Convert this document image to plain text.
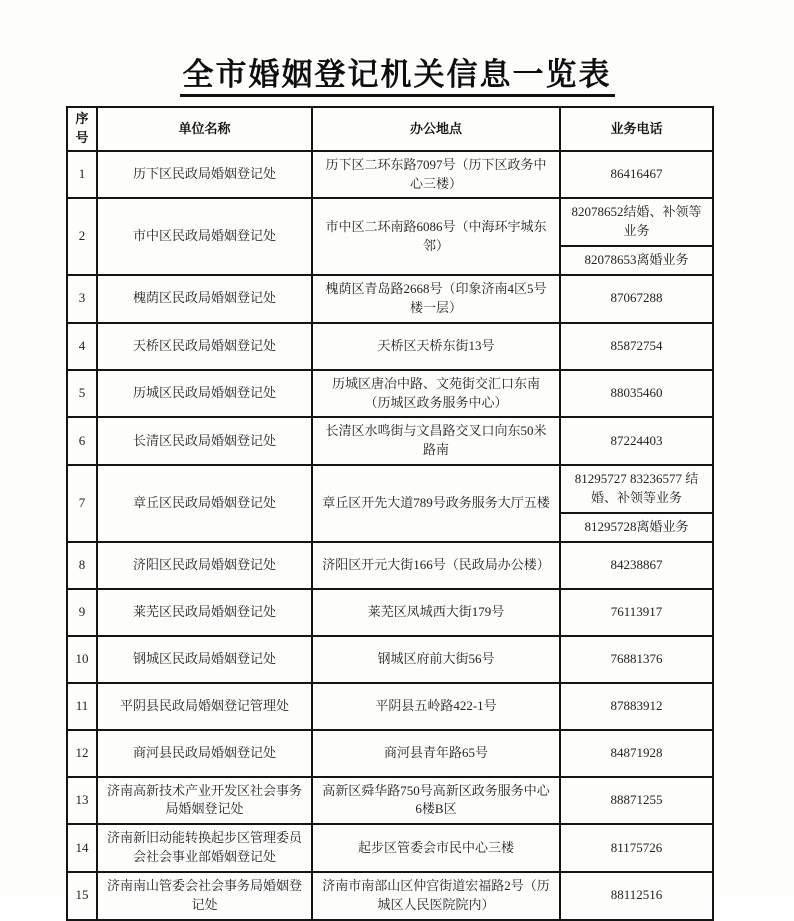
全市婚姻登记机关信息一览表
序号	单位名称	办公地点	业务电话
1	历下区民政局婚姻登记处	历下区二环东路7097号（历下区政务中心三楼）	86416467
2	市中区民政局婚姻登记处	市中区二环南路6086号（中海环宇城东邻）	82078652结婚、补领等业务
			82078653离婚业务
3	槐荫区民政局婚姻登记处	槐荫区青岛路2668号（印象济南4区5号楼一层）	87067288
4	天桥区民政局婚姻登记处	天桥区天桥东街13号	85872754
5	历城区民政局婚姻登记处	历城区唐冶中路、文苑街交汇口东南（历城区政务服务中心）	88035460
6	长清区民政局婚姻登记处	长清区水鸣街与文昌路交叉口向东50米路南	87224403
7	章丘区民政局婚姻登记处	章丘区开先大道789号政务服务大厅五楼	81295727 83236577 结婚、补领等业务
			81295728离婚业务
8	济阳区民政局婚姻登记处	济阳区开元大街166号（民政局办公楼）	84238867
9	莱芜区民政局婚姻登记处	莱芜区凤城西大街179号	76113917
10	钢城区民政局婚姻登记处	钢城区府前大街56号	76881376
11	平阴县民政局婚姻登记管理处	平阴县五岭路422-1号	87883912
12	商河县民政局婚姻登记处	商河县青年路65号	84871928
13	济南高新技术产业开发区社会事务局婚姻登记处	高新区舜华路750号高新区政务服务中心6楼B区	88871255
14	济南新旧动能转换起步区管理委员会社会事业部婚姻登记处	起步区管委会市民中心三楼	81175726
15	济南南山管委会社会事务局婚姻登记处	济南市南部山区仲宫街道宏福路2号（历城区人民医院院内）	88112516
